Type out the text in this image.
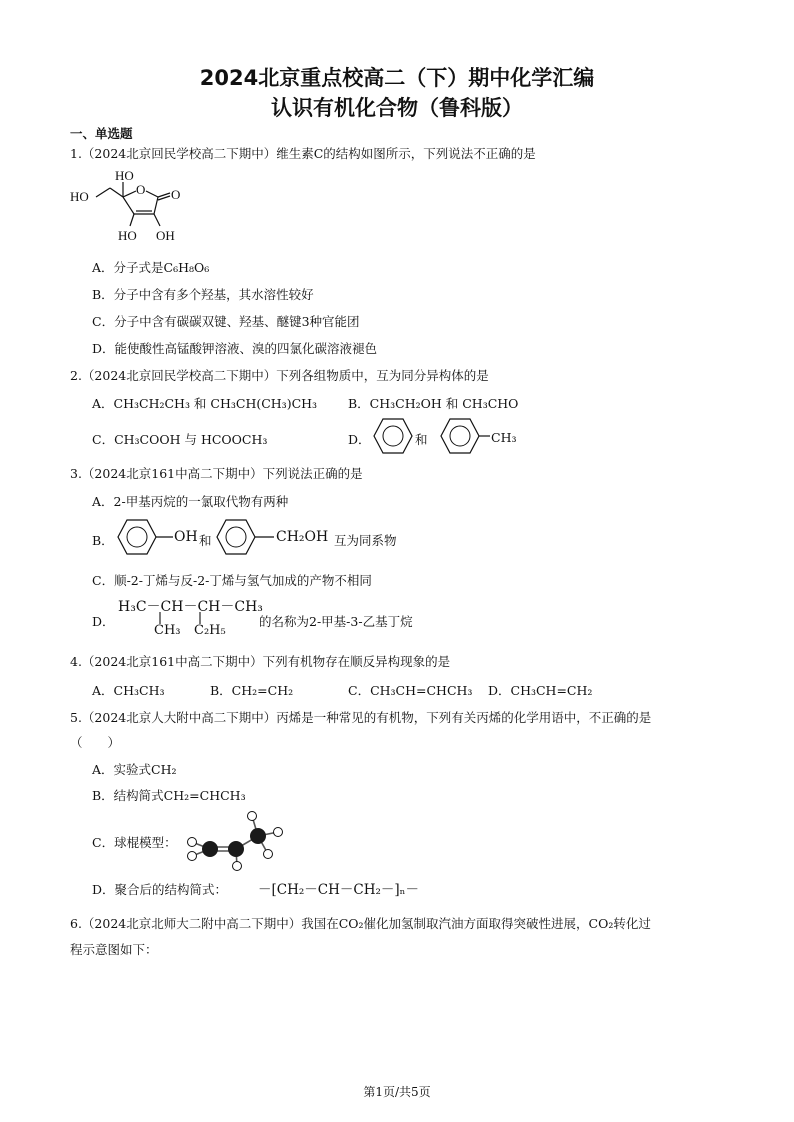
2024北京重点校高二（下）期中化学汇编
认识有机化合物（鲁科版）
一、单选题
1.（2024北京回民学校高二下期中）维生素C的结构如图所示，下列说法不正确的是
HO
HO	O O
HO OH
A．分子式是C₆H₈O₆
B．分子中含有多个羟基，其水溶性较好
C．分子中含有碳碳双键、羟基、醚键3种官能团
D．能使酸性高锰酸钾溶液、溴的四氯化碳溶液褪色
2.（2024北京回民学校高二下期中）下列各组物质中，互为同分异构体的是
A．CH₃CH₂CH₃ 和 CH₃CH(CH₃)CH₃ B．CH₃CH₂OH 和 CH₃CHO
C．CH₃COOH 与 HCOOCH₃	D．	和	CH₃
3.（2024北京161中高二下期中）下列说法正确的是
A．2-甲基丙烷的一氯取代物有两种
B．	OH 和	CH₂OH 互为同系物
C．顺-2-丁烯与反-2-丁烯与氢气加成的产物不相同
D．
H₃C－CH－CH－CH₃
CH₃ C₂H₅
的名称为2-甲基-3-乙基丁烷
4.（2024北京161中高二下期中）下列有机物存在顺反异构现象的是
A．CH₃CH₃	B．CH₂=CH₂	C．CH₃CH=CHCH₃ D．CH₃CH=CH₂
5.（2024北京人大附中高二下期中）丙烯是一种常见的有机物，下列有关丙烯的化学用语中，不正确的是
（　　）
A．实验式CH₂
B．结构简式CH₂=CHCH₃
C．球棍模型：
D．聚合后的结构简式： －[CH₂－CH－CH₂－]ₙ－
6.（2024北京北师大二附中高二下期中）我国在CO₂催化加氢制取汽油方面取得突破性进展，CO₂转化过
程示意图如下：
第1页/共5页
